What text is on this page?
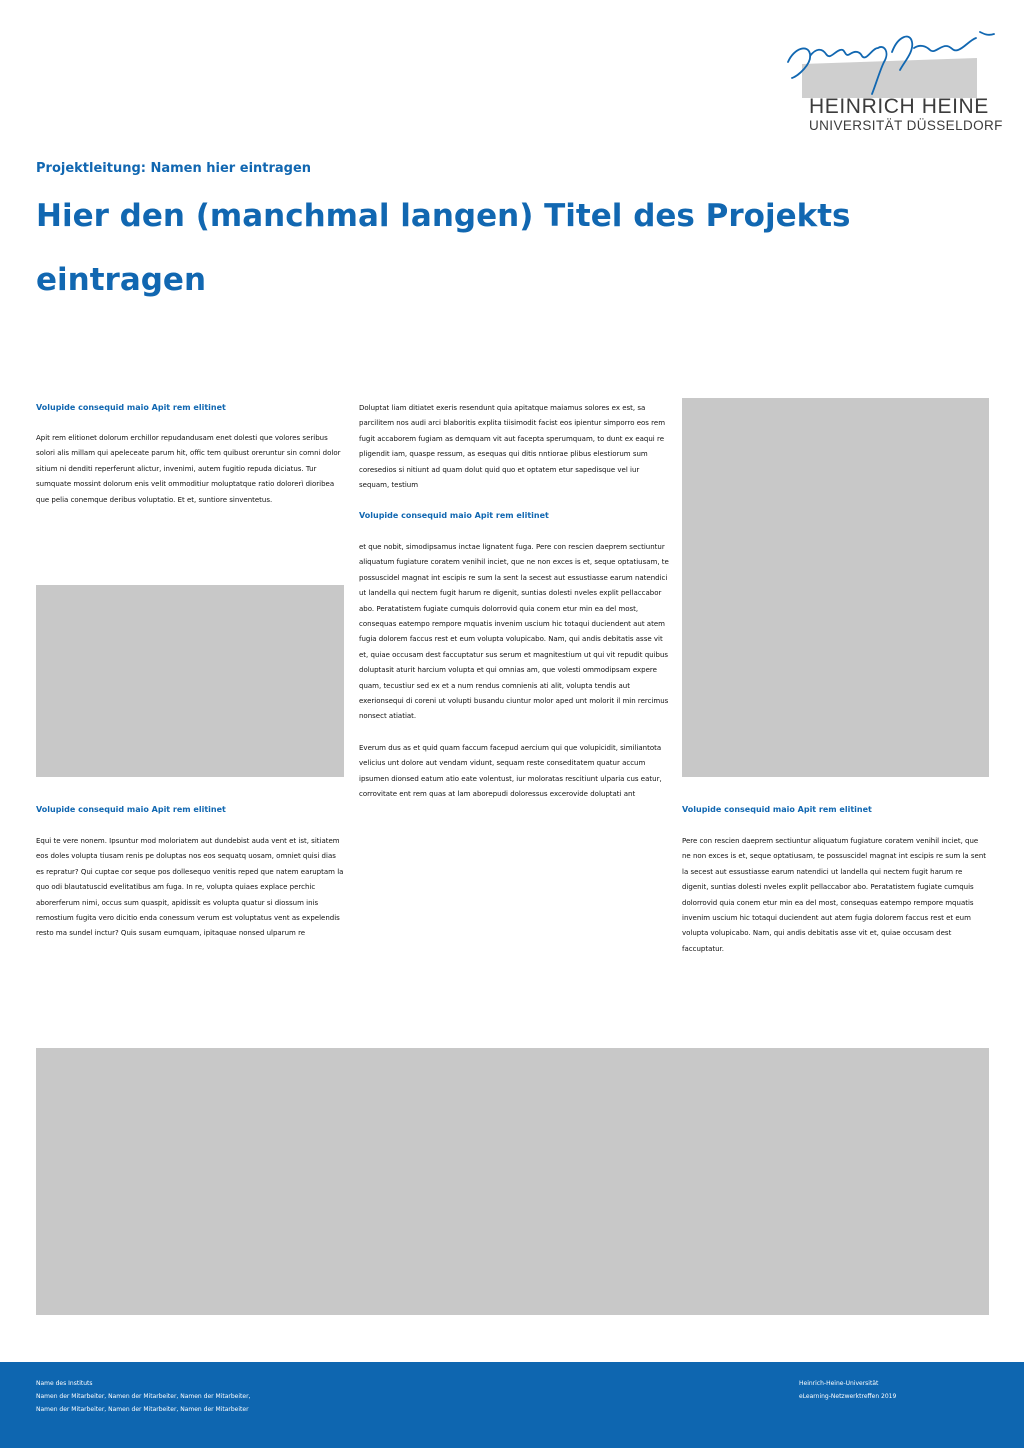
HEINRICH HEINE
UNIVERSITÄT DÜSSELDORF
Projektleitung: Namen hier eintragen
Hier den (manchmal langen) Titel des Projekts eintragen
Volupide consequid maio Apit rem elitinet
Apit rem elitionet dolorum erchillor repudandusam enet dolesti que volores seribus solori alis millam qui apeleceate parum hit, offic tem quibust oreruntur sin comni dolor sitium ni denditi reperferunt alictur, invenimi, autem fugitio repuda diciatus. Tur sumquate mossint dolorum enis velit ommoditiur moluptatque ratio dolorerì dioribea que pelia conemque deribus voluptatio. Et et, suntiore sinventetus.
Volupide consequid maio Apit rem elitinet
Equi te vere nonem. Ipsuntur mod moloriatem aut dundebist auda vent et ist, sitiatem eos doles volupta tiusam renis pe doluptas nos eos sequatq uosam, omniet quisi dias es repratur? Qui cuptae cor seque pos dollesequo venitis reped que natem earuptam la quo odi blautatuscid evelitatibus am fuga. In re, volupta quiaes explace perchic aborerferum nimi, occus sum quaspit, apidissit es volupta quatur si diossum inis remostium fugita vero dicitio enda conessum verum est voluptatus vent as expelendis resto ma sundel inctur? Quis susam eumquam, ipitaquae nonsed ulparum re
Doluptat liam ditiatet exeris resendunt quia apitatque maiamus solores ex est, sa parcilitem nos audi arci blaboritis explita tiisimodit facist eos ipientur simporro eos rem fugit accaborem fugiam as demquam vit aut facepta sperumquam, to dunt ex eaqui re pligendit iam, quaspe ressum, as esequas qui ditis nntiorae plibus elestiorum sum coresedios si nitiunt ad quam dolut quid quo et optatem etur sapedisque vel iur sequam, testium
Volupide consequid maio Apit rem elitinet
et que nobit, simodipsamus inctae lignatent fuga. Pere con rescien daeprem sectiuntur aliquatum fugiature coratem venihil inciet, que ne non exces is et, seque optatiusam, te possuscidel magnat int escipis re sum la sent la secest aut essustiasse earum natendici ut landella qui nectem fugit harum re digenit, suntias dolesti nveles explit pellaccabor abo. Peratatistem fugiate cumquis dolorrovid quia conem etur min ea del most, consequas eatempo rempore mquatis invenim uscium hic totaqui duciendent aut atem fugia dolorem faccus rest et eum volupta volupicabo. Nam, qui andis debitatis asse vit et, quiae occusam dest faccuptatur sus serum et magnitestium ut qui vit repudit quibus doluptasit aturit harcium volupta et qui omnias am, que volesti ommodipsam expere quam, tecustiur sed ex et a num rendus comnienis ati alit, volupta tendis aut exerionsequi di coreni ut volupti busandu ciuntur molor aped unt molorit il min rercimus nonsect atiatiat.
Everum dus as et quid quam faccum facepud aercium qui que volupicidit, similiantota velicius unt dolore aut vendam vidunt, sequam reste conseditatem quatur accum ipsumen dionsed eatum atio eate volentust, iur moloratas rescitiunt ulparia cus eatur, corrovitate ent rem quas at lam aborepudi doloressus excerovide doluptati ant
Volupide consequid maio Apit rem elitinet
Pere con rescien daeprem sectiuntur aliquatum fugiature coratem venihil inciet, que ne non exces is et, seque optatiusam, te possuscidel magnat int escipis re sum la sent la secest aut essustiasse earum natendici ut landella qui nectem fugit harum re digenit, suntias dolesti nveles explit pellaccabor abo. Peratatistem fugiate cumquis dolorrovid quia conem etur min ea del most, consequas eatempo rempore mquatis invenim uscium hic totaqui duciendent aut atem fugia dolorem faccus rest et eum volupta volupicabo. Nam, qui andis debitatis asse vit et, quiae occusam dest faccuptatur.
Name des Instituts
Namen der Mitarbeiter, Namen der Mitarbeiter, Namen der Mitarbeiter,
Namen der Mitarbeiter, Namen der Mitarbeiter, Namen der Mitarbeiter
Heinrich-Heine-Universität
eLearning-Netzwerktreffen 2019
